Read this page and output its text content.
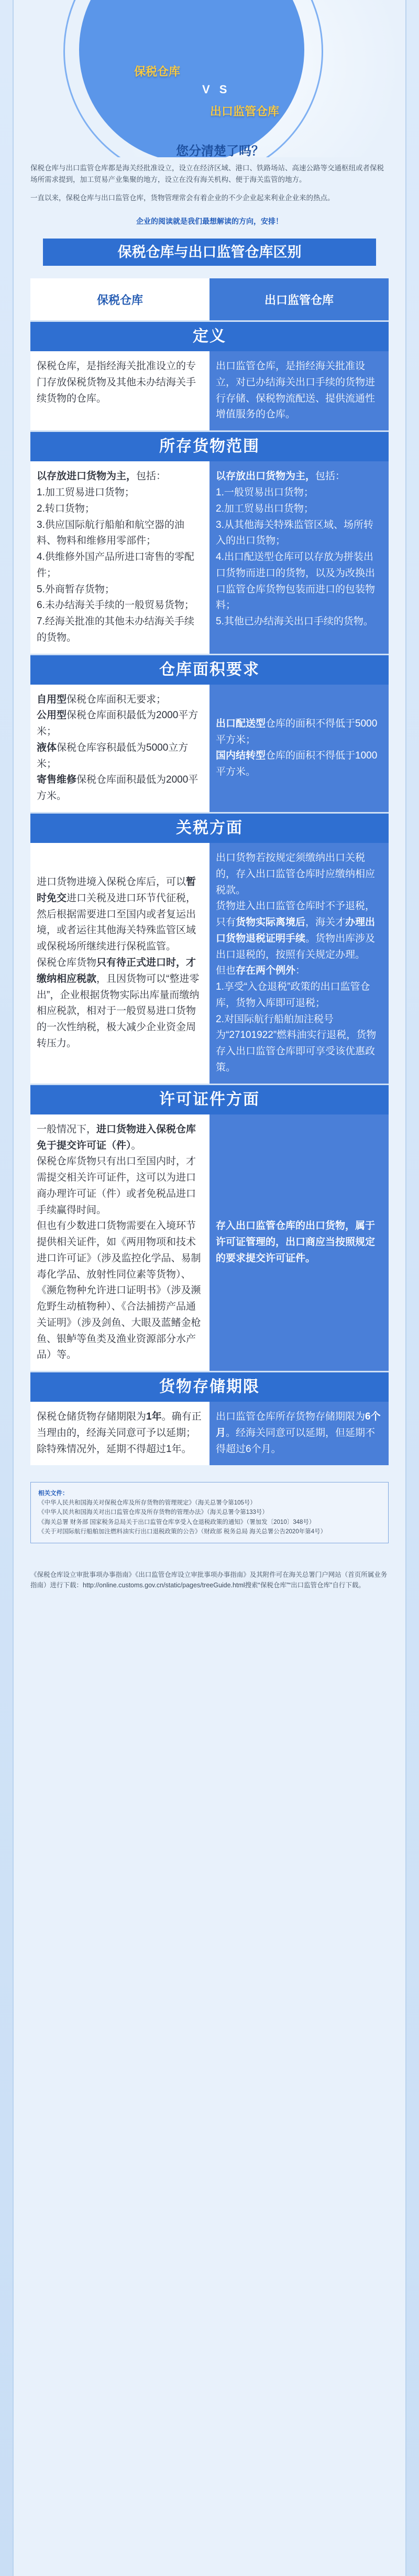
保税仓库
V S
出口监管仓库
您分清楚了吗？

保税仓库与出口监管仓库都是海关经批准设立，设立在经济区域、港口、铁路场站、高速公路等交通枢纽或者保税场所需求提到，加工贸易产业集聚的地方，设立在没有海关机构、便于海关监管的地方。

一直以来，保税仓库与出口监管仓库，货物管理常会有着企业的不少企业起来利业企业来的热点。

企业的阅读就是我们最想解读的方向，安排！

保税仓库与出口监管仓库区别
保税仓库	出口监管仓库
定义
保税仓库，是指经海关批准设立的专门存放保税货物及其他未办结海关手续货物的仓库。
出口监管仓库，是指经海关批准设立，对已办结海关出口手续的货物进行存储、保税物流配送、提供流通性增值服务的仓库。
所存货物范围

以存放进口货物为主，包括：

1.加工贸易进口货物；

2.转口货物；

3.供应国际航行船舶和航空器的油料、物料和维修用零部件；

4.供维修外国产品所进口寄售的零配件；

5.外商暂存货物；

6.未办结海关手续的一般贸易货物；

7.经海关批准的其他未办结海关手续的货物。

以存放出口货物为主，包括：

1.一般贸易出口货物；

2.加工贸易出口货物；

3.从其他海关特殊监管区域、场所转入的出口货物；

4.出口配送型仓库可以存放为拼装出口货物而进口的货物，以及为改换出口监管仓库货物包装而进口的包装物料；

5.其他已办结海关出口手续的货物。

仓库面积要求

自用型保税仓库面积无要求；

公用型保税仓库面积最低为2000平方米；

液体保税仓库容积最低为5000立方米；

寄售维修保税仓库面积最低为2000平方米。

出口配送型仓库的面积不得低于5000平方米；

国内结转型仓库的面积不得低于1000平方米。

关税方面

进口货物进境入保税仓库后，可以暂时免交进口关税及进口环节代征税，然后根据需要进口至国内或者复运出境，或者运往其他海关特殊监管区域或保税场所继续进行保税监管。

保税仓库货物只有待正式进口时，才缴纳相应税款，且因货物可以“整进零出”，企业根据货物实际出库量而缴纳相应税款，相对于一般贸易进口货物的一次性纳税，极大减少企业资金周转压力。

出口货物若按规定须缴纳出口关税的，存入出口监管仓库时应缴纳相应税款。

货物进入出口监管仓库时不予退税，只有货物实际离境后，海关才办理出口货物退税证明手续。货物出库涉及出口退税的，按照有关规定办理。

但也存在两个例外：

1.享受“入仓退税”政策的出口监管仓库，货物入库即可退税；

2.对国际航行船舶加注税号为“27101922”燃料油实行退税，货物存入出口监管仓库即可享受该优惠政策。

许可证件方面

一般情况下，进口货物进入保税仓库免于提交许可证（件）。

保税仓库货物只有出口至国内时，才需提交相关许可证件，这可以为进口商办理许可证（件）或者免税品进口手续赢得时间。

但也有少数进口货物需要在入境环节提供相关证件，如《两用物项和技术进口许可证》（涉及监控化学品、易制毒化学品、放射性同位素等货物）、《濒危物种允许进口证明书》（涉及濒危野生动植物种）、《合法捕捞产品通关证明》（涉及剑鱼、大眼及蓝鳍金枪鱼、银鲈等鱼类及渔业资源部分水产品）等。

存入出口监管仓库的出口货物，属于许可证管理的，出口商应当按照规定的要求提交许可证件。

货物存储期限

保税仓储货物存储期限为1年。确有正当理由的，经海关同意可予以延期；除特殊情况外，延期不得超过1年。

出口监管仓库所存货物存储期限为6个月。经海关同意可以延期，但延期不得超过6个月。

相关文件：
《中华人民共和国海关对保税仓库及所存货物的管理规定》（海关总署令第105号）
《中华人民共和国海关对出口监管仓库及所存货物的管理办法》（海关总署令第133号）
《海关总署 财务部 国家税务总局关于出口监管仓库享受入仓退税政策的通知》（署加发〔2010〕348号）
《关于对国际航行船舶加注燃料油实行出口退税政策的公告》（财政部 税务总局 海关总署公告2020年第4号）
《保税仓库设立审批事项办事指南》《出口监管仓库设立审批事项办事指南》及其附件可在海关总署门户网站（首页所属业务指南）进行下载：http://online.customs.gov.cn/static/pages/treeGuide.html搜索“保税仓库”“出口监管仓库”自行下载。
